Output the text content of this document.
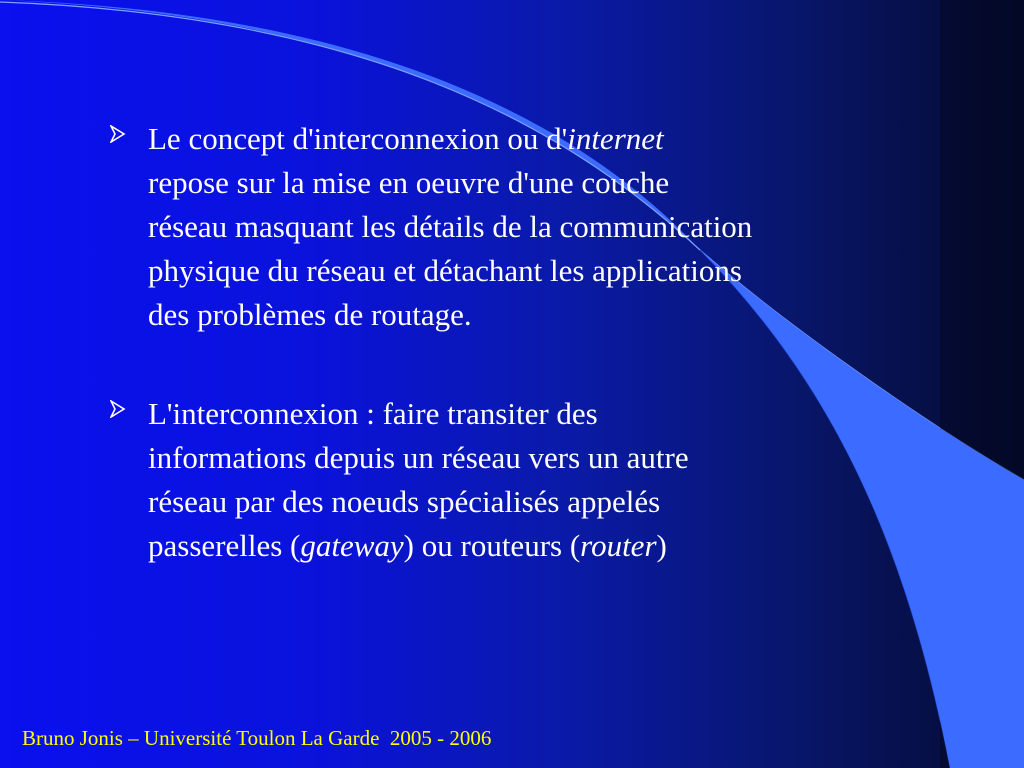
Le concept d'interconnexion ou d'internet
repose sur la mise en oeuvre d'une couche
réseau masquant les détails de la communication
physique du réseau et détachant les applications
des problèmes de routage.
L'interconnexion : faire transiter des
informations depuis un réseau vers un autre
réseau par des noeuds spécialisés appelés
passerelles (gateway) ou routeurs (router)
Bruno Jonis – Université Toulon La Garde  2005 - 2006
